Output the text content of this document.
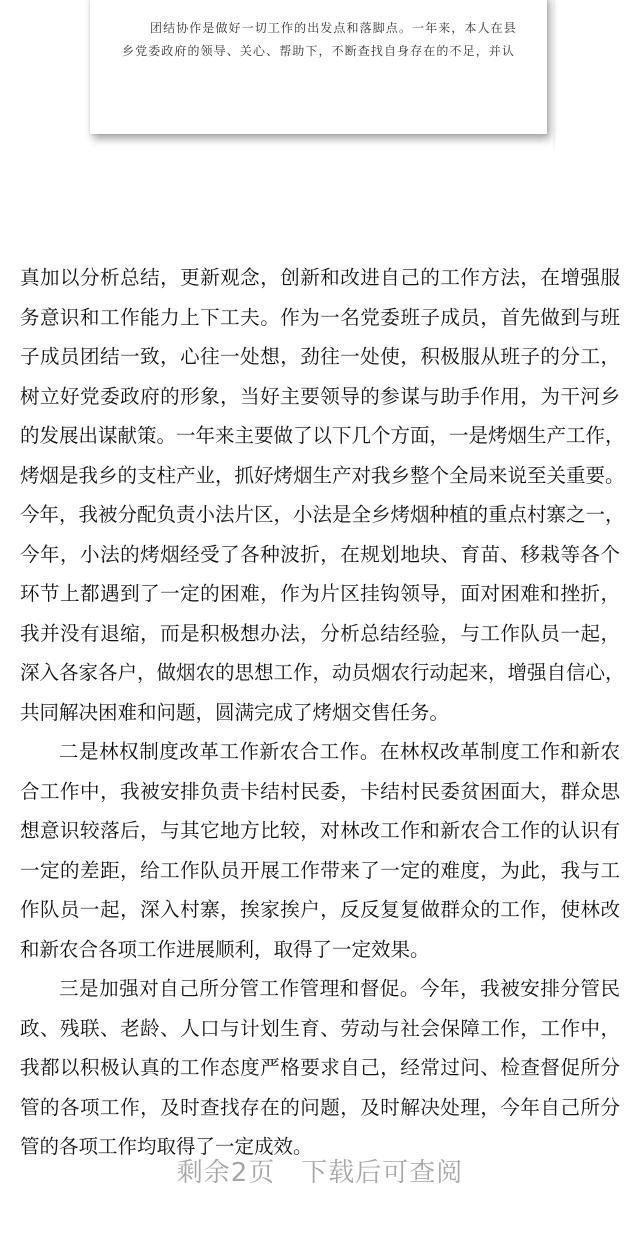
团结协作是做好一切工作的出发点和落脚点。一年来，本人在县
乡党委政府的领导、关心、帮助下，不断查找自身存在的不足，并认
真加以分析总结，更新观念，创新和改进自己的工作方法，在增强服
务意识和工作能力上下工夫。作为一名党委班子成员，首先做到与班
子成员团结一致，心往一处想，劲往一处使，积极服从班子的分工，
树立好党委政府的形象，当好主要领导的参谋与助手作用，为干河乡
的发展出谋献策。一年来主要做了以下几个方面，一是烤烟生产工作，
烤烟是我乡的支柱产业，抓好烤烟生产对我乡整个全局来说至关重要。
今年，我被分配负责小法片区，小法是全乡烤烟种植的重点村寨之一，
今年，小法的烤烟经受了各种波折，在规划地块、育苗、移栽等各个
环节上都遇到了一定的困难，作为片区挂钩领导，面对困难和挫折，
我并没有退缩，而是积极想办法，分析总结经验，与工作队员一起，
深入各家各户，做烟农的思想工作，动员烟农行动起来，增强自信心，
共同解决困难和问题，圆满完成了烤烟交售任务。
二是林权制度改革工作新农合工作。在林权改革制度工作和新农
合工作中，我被安排负责卡结村民委，卡结村民委贫困面大，群众思
想意识较落后，与其它地方比较，对林改工作和新农合工作的认识有
一定的差距，给工作队员开展工作带来了一定的难度，为此，我与工
作队员一起，深入村寨，挨家挨户，反反复复做群众的工作，使林改
和新农合各项工作进展顺利，取得了一定效果。
三是加强对自己所分管工作管理和督促。今年，我被安排分管民
政、残联、老龄、人口与计划生育、劳动与社会保障工作，工作中，
我都以积极认真的工作态度严格要求自己，经常过问、检查督促所分
管的各项工作，及时查找存在的问题，及时解决处理，今年自己所分
管的各项工作均取得了一定成效。
剩余2页 下载后可查阅
